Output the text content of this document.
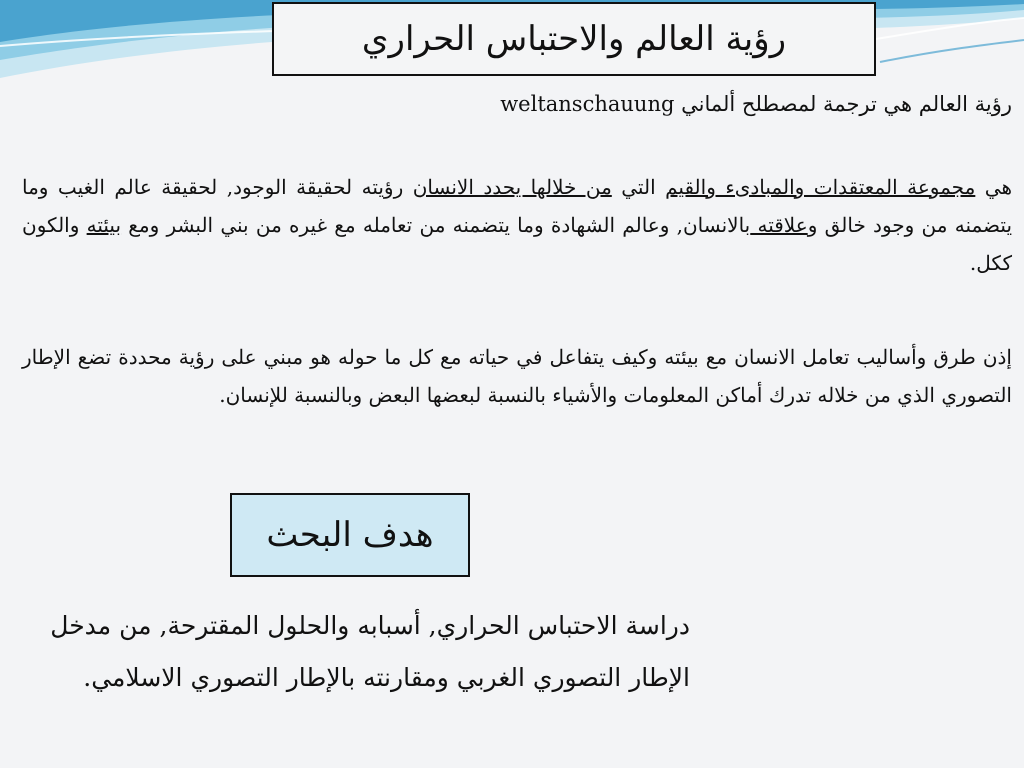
رؤية العالم والاحتباس الحراري
رؤية العالم هي ترجمة لمصطلح ألماني weltanschauung
هي مجموعة المعتقدات والمبادىء والقيم التي من خلالها يحدد الانسان رؤيته لحقيقة الوجود, لحقيقة عالم الغيب وما يتضمنه من وجود خالق وعلاقته بالانسان, وعالم الشهادة وما يتضمنه من تعامله مع غيره من بني البشر ومع بيئته والكون ككل.
إذن طرق وأساليب تعامل الانسان مع بيئته وكيف يتفاعل في حياته مع كل ما حوله هو مبني على رؤية محددة تضع الإطار التصوري الذي من خلاله تدرك أماكن المعلومات والأشياء بالنسبة لبعضها البعض وبالنسبة للإنسان.
هدف البحث
دراسة الاحتباس الحراري, أسبابه والحلول المقترحة, من مدخل الإطار التصوري الغربي ومقارنته بالإطار التصوري الاسلامي.
